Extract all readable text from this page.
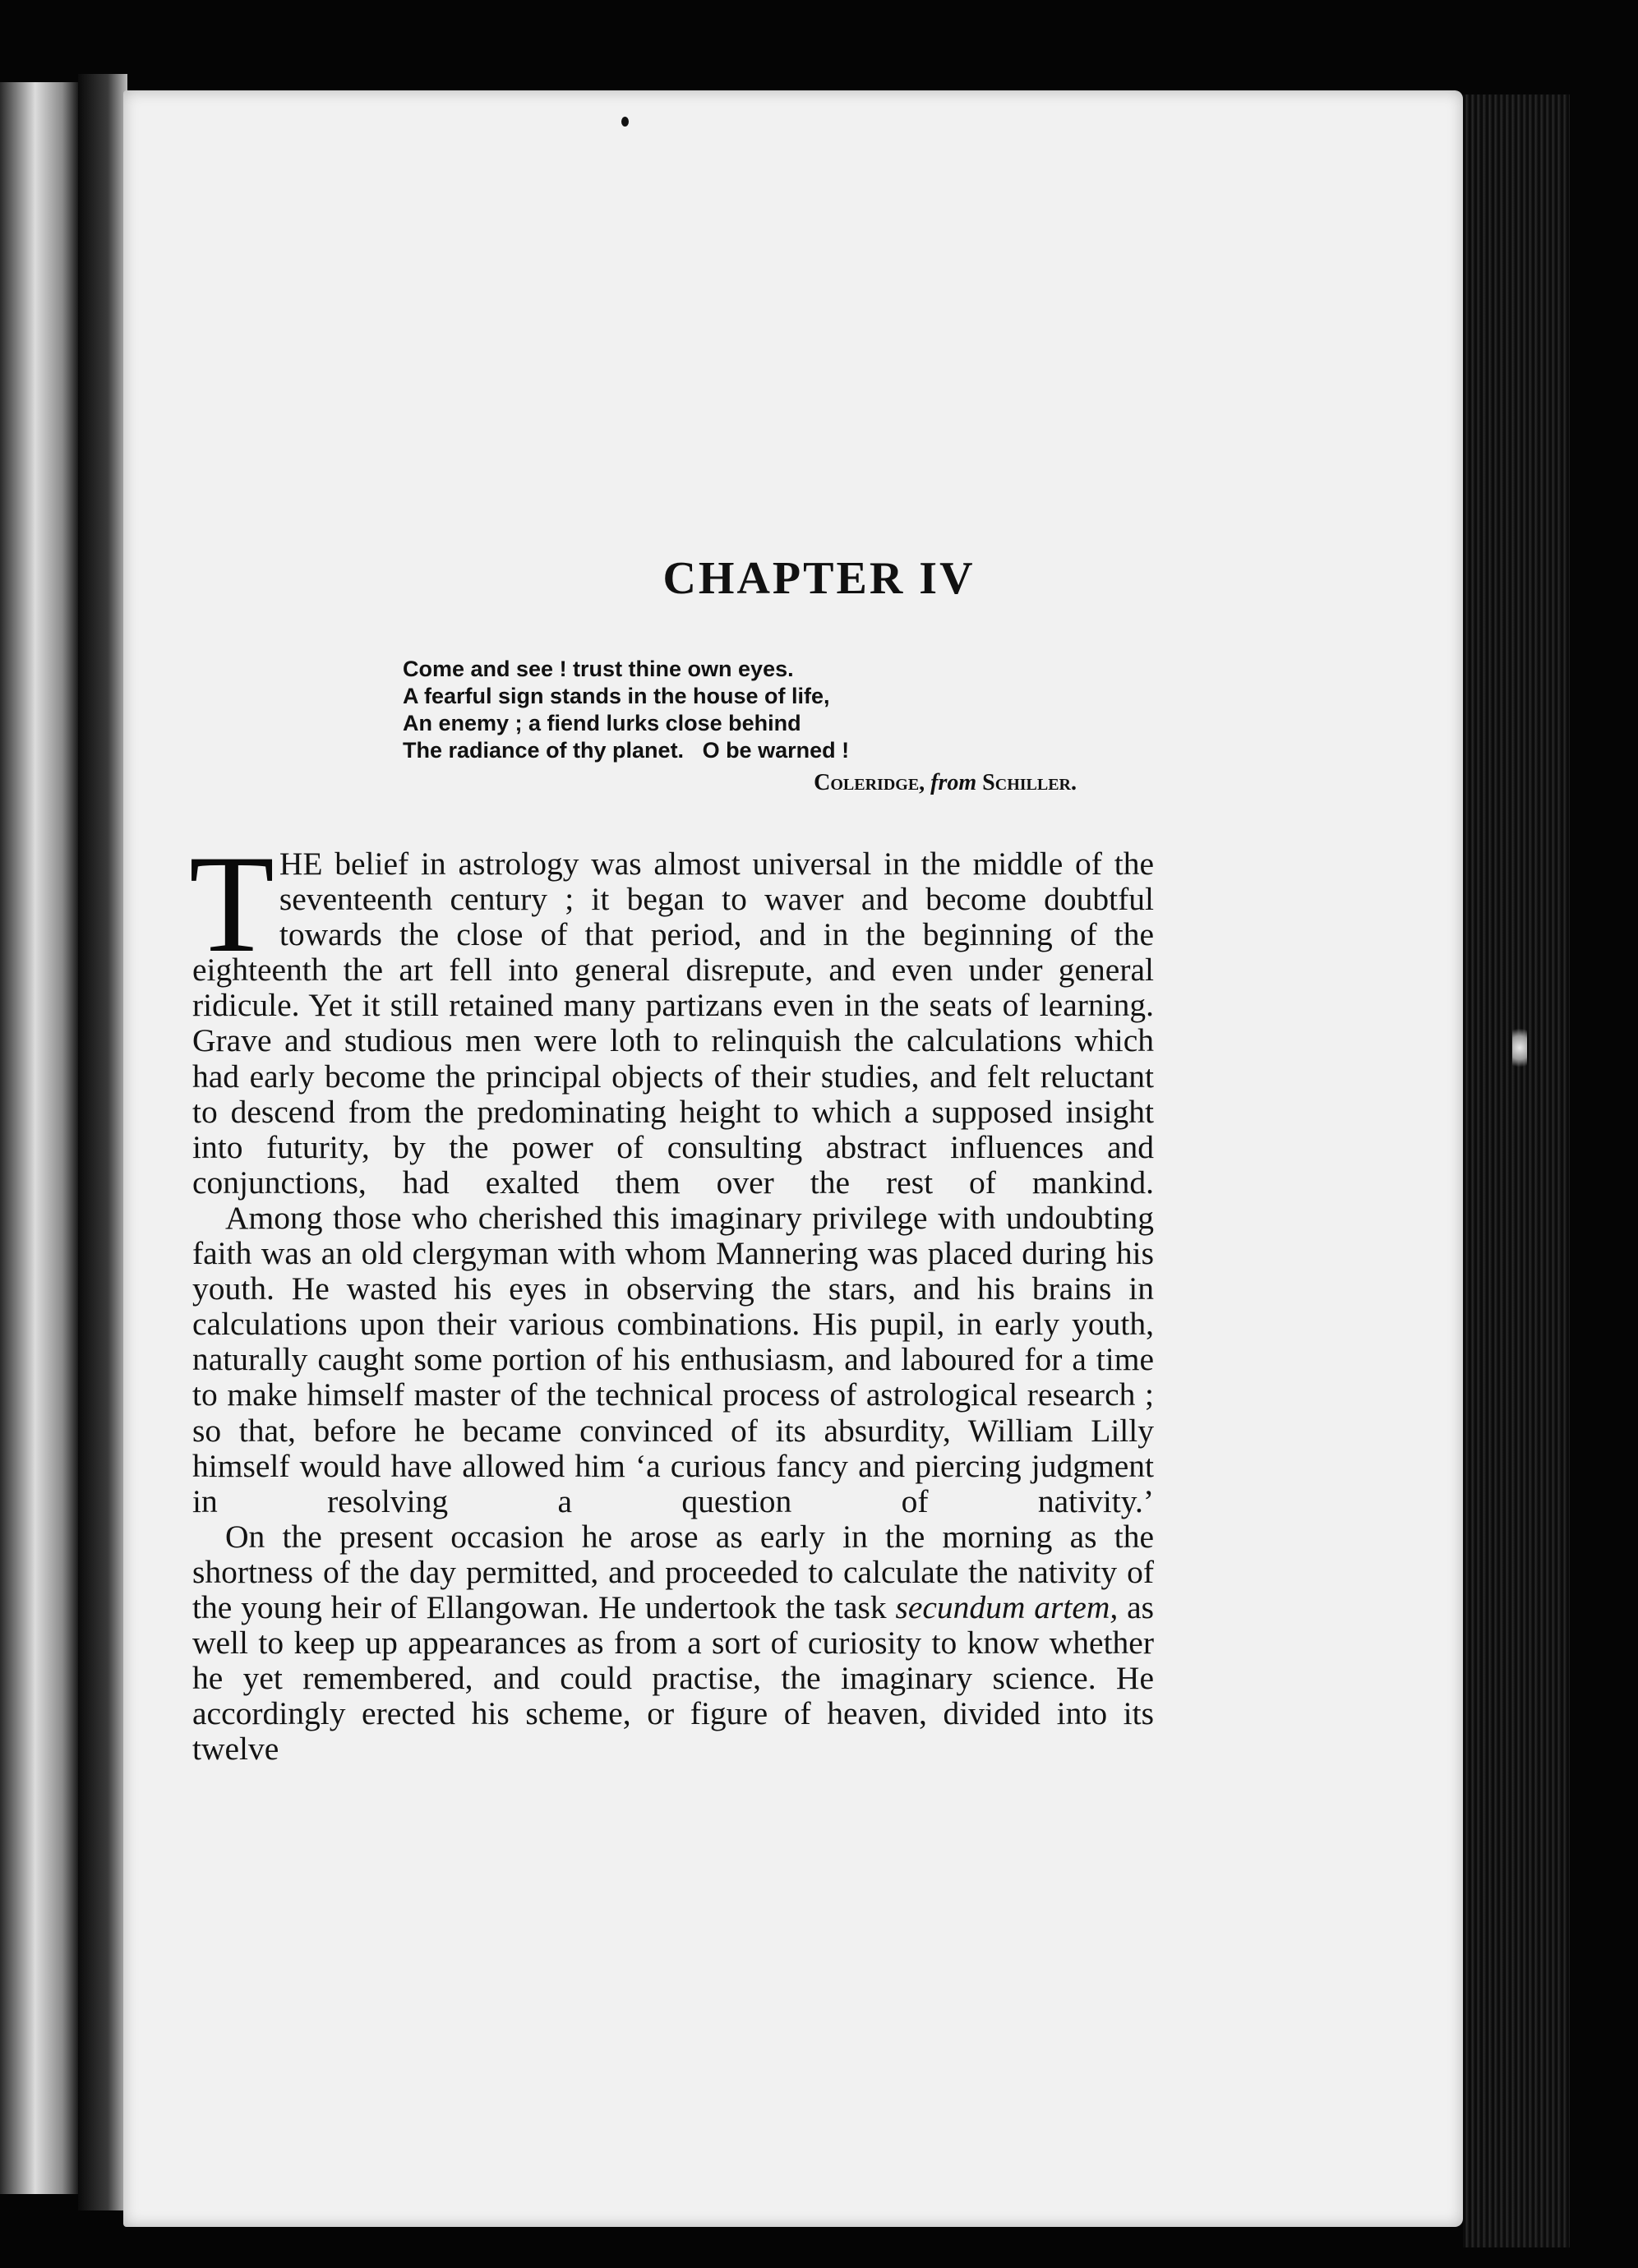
CHAPTER IV
Come and see ! trust thine own eyes.
A fearful sign stands in the house of life,
An enemy ; a fiend lurks close behind
The radiance of thy planet.   O be warned !
Coleridge, from Schiller.

THE belief in astrology was almost universal in the middle of the seventeenth century ; it began to waver and become doubtful towards the close of that period, and in the beginning of the eighteenth the art fell into general disrepute, and even under general ridicule. Yet it still retained many partizans even in the seats of learning. Grave and studious men were loth to relinquish the calculations which had early become the principal objects of their studies, and felt reluctant to descend from the predominating height to which a supposed insight into futurity, by the power of consulting abstract influences and conjunctions, had exalted them over the rest of mankind.

Among those who cherished this imaginary privilege with undoubting faith was an old clergyman with whom Mannering was placed during his youth. He wasted his eyes in observing the stars, and his brains in calculations upon their various combinations. His pupil, in early youth, naturally caught some portion of his enthusiasm, and laboured for a time to make himself master of the technical process of astrological research ; so that, before he became convinced of its absurdity, William Lilly himself would have allowed him ‘a curious fancy and piercing judgment in resolving a question of nativity.’

On the present occasion he arose as early in the morning as the shortness of the day permitted, and proceeded to calculate the nativity of the young heir of Ellangowan. He undertook the task secundum artem, as well to keep up appearances as from a sort of curiosity to know whether he yet remembered, and could practise, the imaginary science. He accordingly erected his scheme, or figure of heaven, divided into its twelve
